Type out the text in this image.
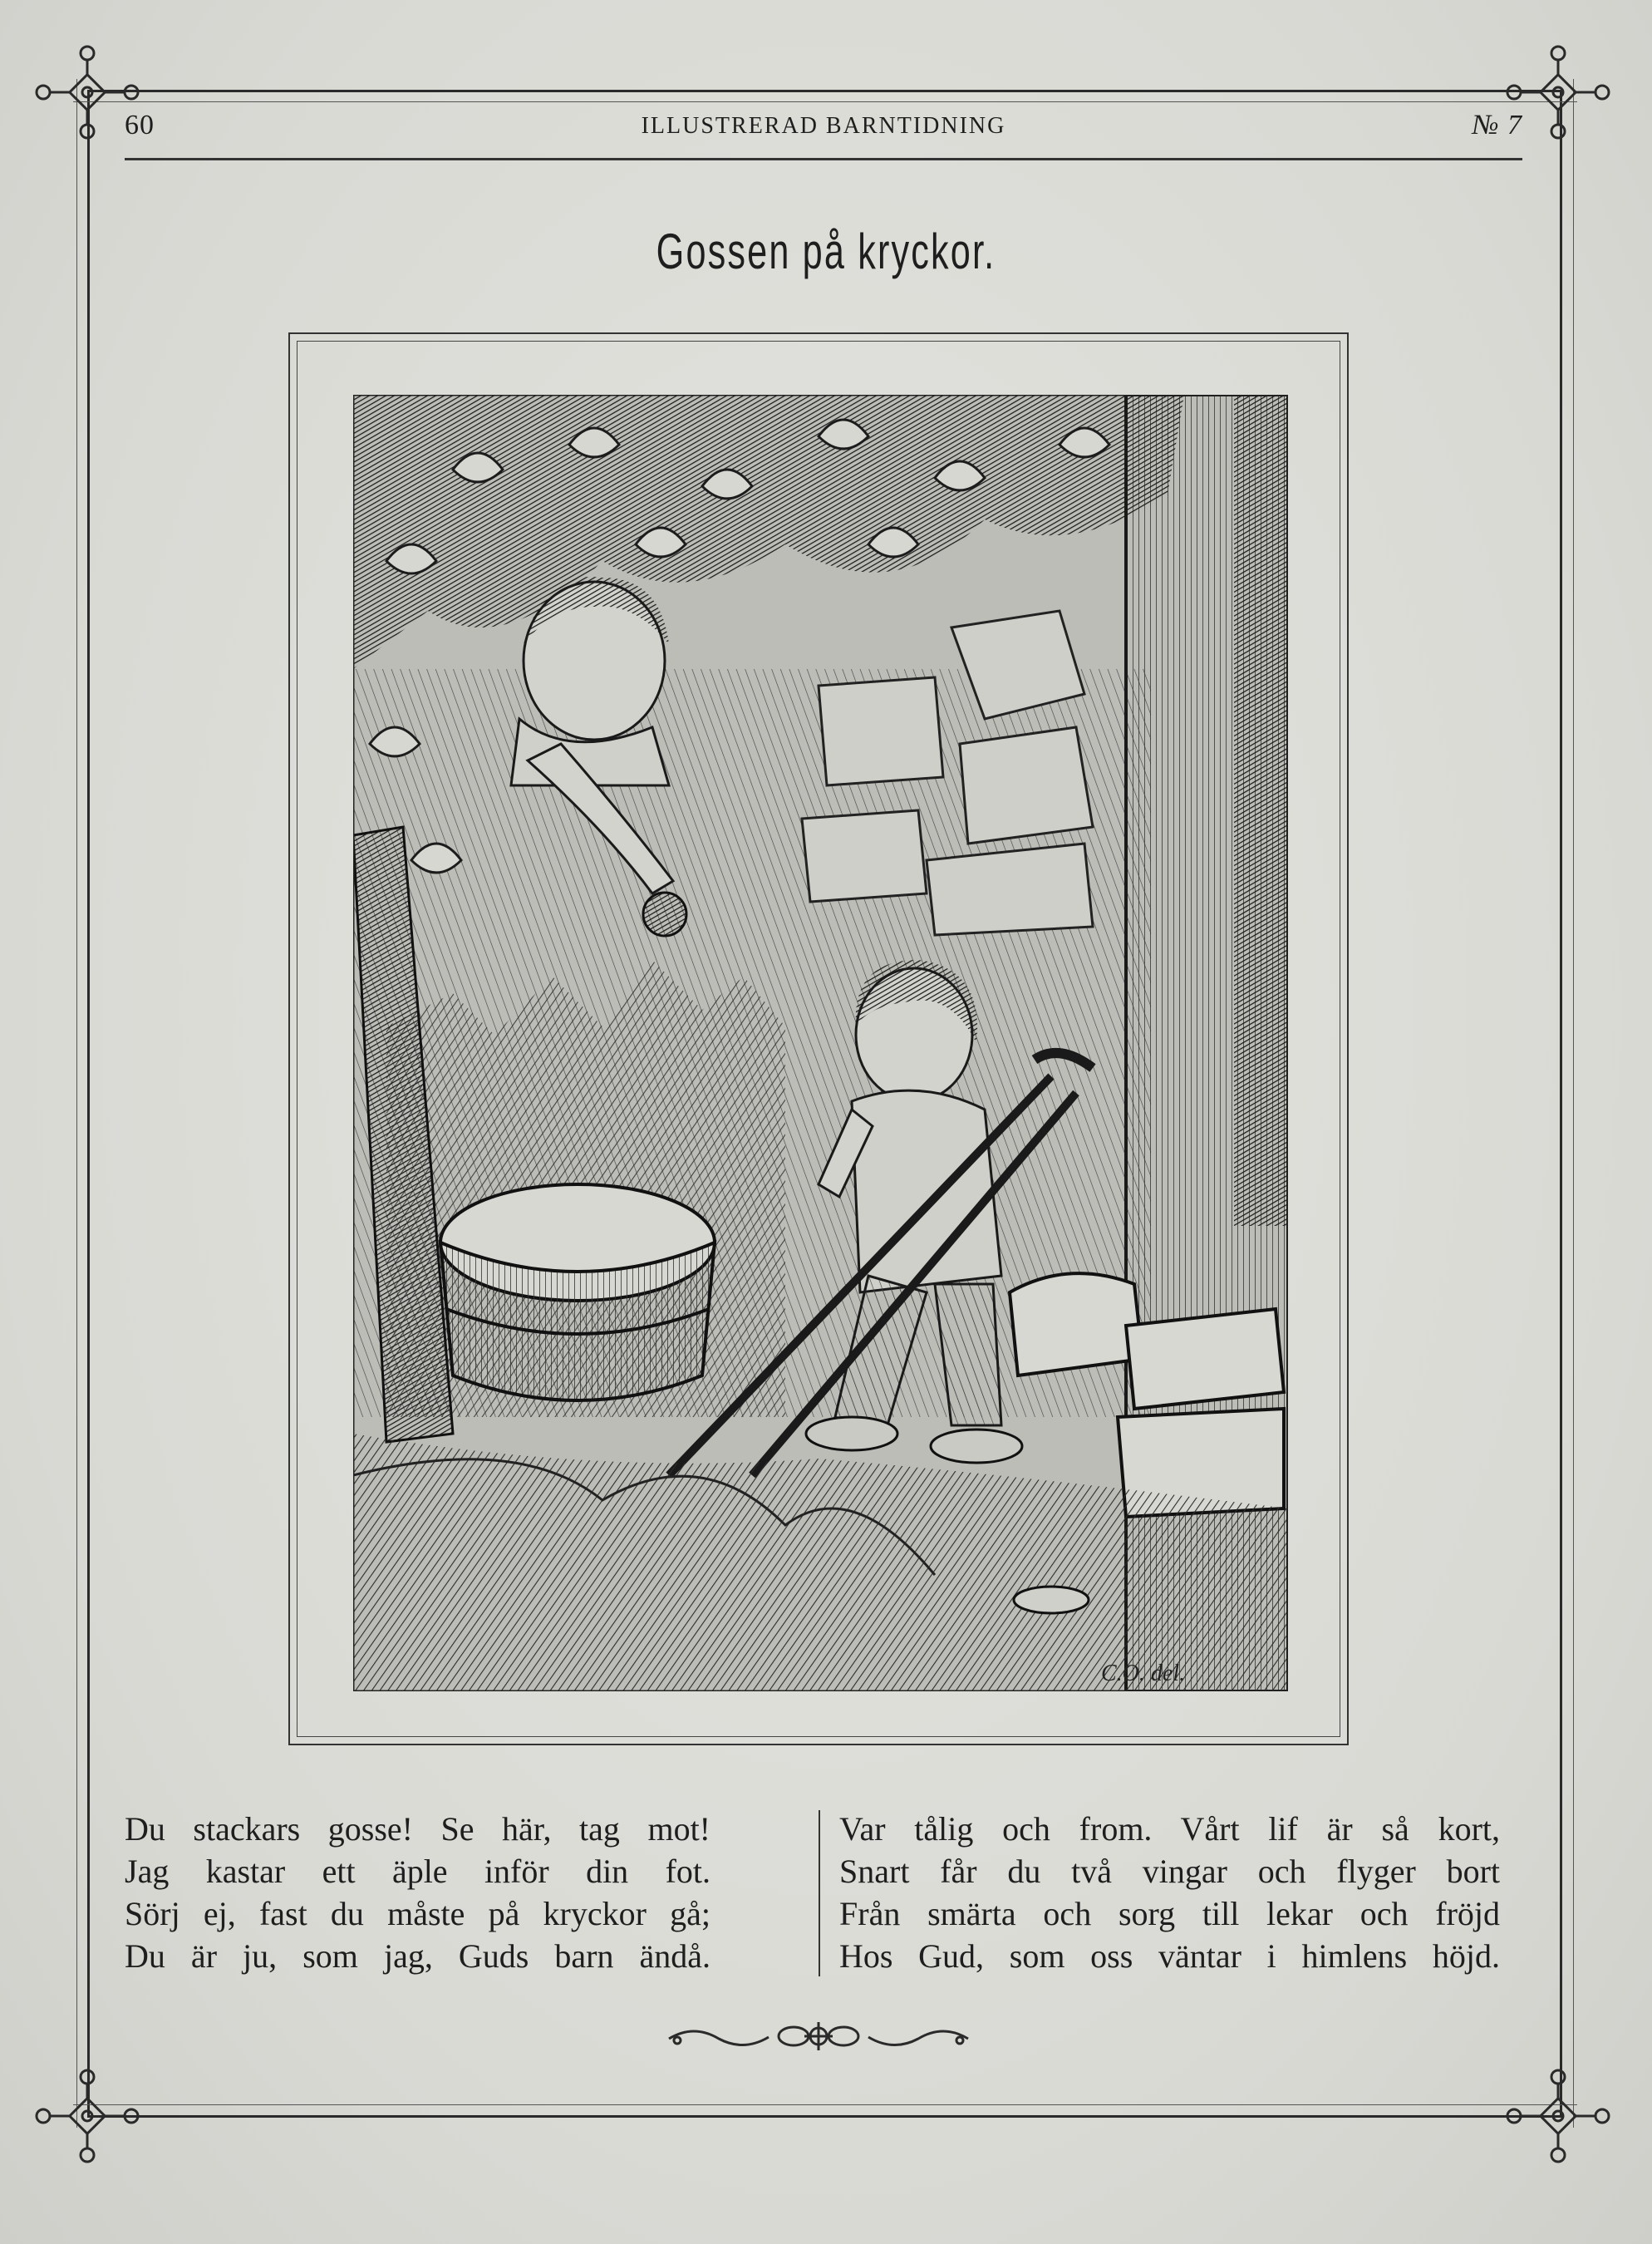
60	ILLUSTRERAD BARNTIDNING	№ 7
Gossen på kryckor.
C.O. del.
Du stackars gosse! Se här, tag mot!
Jag kastar ett äple inför din fot.
Sörj ej, fast du måste på kryckor gå;
Du är ju, som jag, Guds barn ändå.
Var tålig och from. Vårt lif är så kort,
Snart får du två vingar och flyger bort
Från smärta och sorg till lekar och fröjd
Hos Gud, som oss väntar i himlens höjd.
